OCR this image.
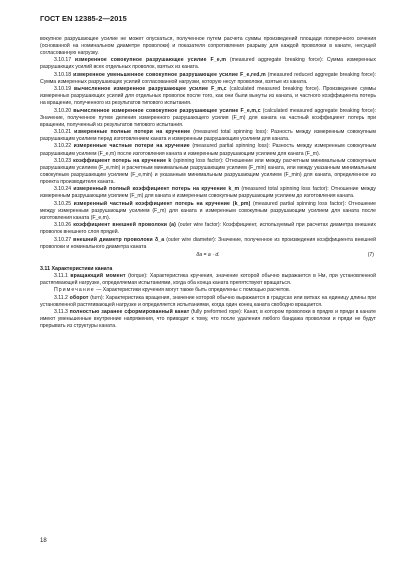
ГОСТ EN 12385-2—2015

вокупное разрушающее усилие не может опускаться, полученное путем расчета суммы произведений площади поперечного сечения (основанной на номинальном диаметре проволоки) и показателя сопротивления разрыву для каждой проволоки в канате, несущей согласованную нагрузку.

3.10.17 измеренное совокупное разрушающее усилие F_e,m (measured aggregate breaking force): Сумма измеренных разрушающих усилий всех отдельных проволок, взятых из каната.

3.10.18 измеренное уменьшенное совокупное разрушающее усилие F_e,red,m (measured reduced aggregate breaking force): Сумма измеренных разрушающих усилий согласованной нагрузки, которую несут проволоки, взятые из каната.

3.10.19 вычисленное измеренное разрушающее усилие F_m,c (calculated measured breaking force). Произведение суммы измеренных разрушающих усилий для отдельных проволок после того, как они были вынуты из каната, и частного коэффициента потерь на вращение, полученного из результатов типового испытания.

3.10.20 вычисленное измеренное совокупное разрушающее усилие F_e,m,c (calculated measured aggregate breaking force): Значение, полученное путем деления измеренного разрушающего усилия (F_m) для каната на частный коэффициент потерь при вращении, полученный из результатов типового испытания.

3.10.21 измеренные полные потери на кручение (measured total spinning loss): Разность между измеренным совокупным разрушающим усилием перед изготовлением каната и измеренным разрушающим усилием для каната.

3.10.22 измеренные частные потери на кручение (measured partial spinning loss): Разность между измеренным совокупным разрушающим усилием (F_e,m) после изготовления каната и измеренным разрушающим усилием для каната (F_m).

3.10.23 коэффициент потерь на кручение k (spinning loss factor): Отношение или между расчетным минимальным совокупным разрушающим усилием (F_e,min) и расчетным минимальным разрушающим усилием (F_min) каната, или между указанным минимальным совокупным разрушающим усилием (F_e,min) и указанным минимальным разрушающим усилием (F_min) для каната, определенное из проекта производителя каната.

3.10.24 измеренный полный коэффициент потерь на кручение k_m (measured total spinning loss factor): Отношение между измеренным разрушающим усилием (F_m) для каната и измеренным совокупным разрушающим усилием до изготовления каната.

3.10.25 измеренный частный коэффициент потерь на кручение (k_pm) (measured partial spinning loss factor): Отношение между измеренным разрушающим усилием (F_m) для каната и измеренным совокупным разрушающим усилием для каната после изготовления каната (F_e,m).

3.10.26 коэффициент внешней проволоки (а) (outer wire factor): Коэффициент, используемый при расчетах диаметра внешних проволок внешнего слоя прядей.

3.10.27 внешний диаметр проволоки δ_a (outer wire diameter): Значение, полученное из произведения коэффициента внешней проволоки и номинального диаметра каната

δa = a · d.	(7)

3.11 Характеристики каната

3.11.1 вращающий момент (torque): Характеристика кручения, значение которой обычно выражается в Нм, при установленной растягивающей нагрузке, определяемая испытаниями, когда оба конца каната препятствуют вращаться.

Примечание — Характеристики кручения могут также быть определены с помощью расчетов.

3.11.2 оборот (turn): Характеристика вращения, значение которой обычно выражается в градусах или витках на единицу длины при установленной растягивающей нагрузке и определяется испытаниями, когда один конец каната свободно вращается.

3.11.3 полностью заранее сформированный канат (fully preformed rope): Канат, в котором проволоки в прядях и пряди в канате имеют уменьшенные внутренние напряжения, что приводит к тому, что после удаления любого бандажа проволоки и пряди не будут прерывать из структуры каната.

18
